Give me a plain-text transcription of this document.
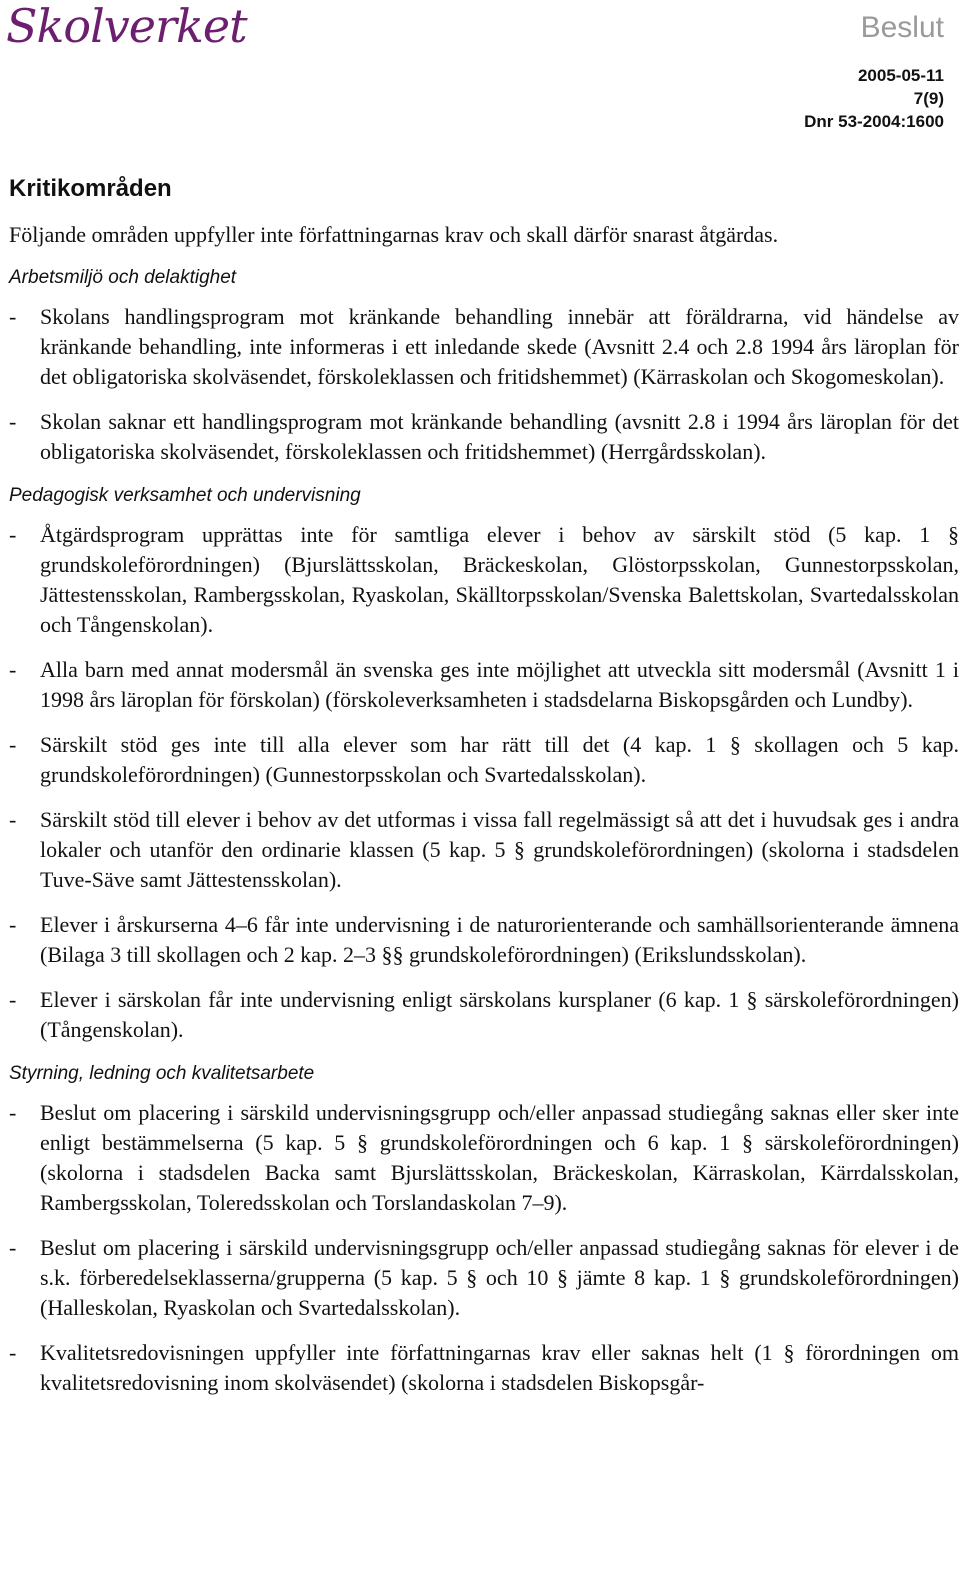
Skolverket	Beslut
2005-05-11
7(9)
Dnr 53-2004:1600
Kritikområden

Följande områden uppfyller inte författningarnas krav och skall därför snarast åtgärdas.

Arbetsmiljö och delaktighet
- Skolans handlingsprogram mot kränkande behandling innebär att föräldrarna, vid händelse av kränkande behandling, inte informeras i ett inledande skede (Avsnitt 2.4 och 2.8 1994 års läroplan för det obligatoriska skolväsendet, förskoleklassen och fritidshemmet) (Kärraskolan och Skogomeskolan).
- Skolan saknar ett handlingsprogram mot kränkande behandling (avsnitt 2.8 i 1994 års läroplan för det obligatoriska skolväsendet, förskoleklassen och fritidshemmet) (Herrgårdsskolan).
Pedagogisk verksamhet och undervisning
- Åtgärdsprogram upprättas inte för samtliga elever i behov av särskilt stöd (5 kap. 1 § grundskoleförordningen) (Bjurslättsskolan, Bräckeskolan, Glöstorpsskolan, Gunnestorpsskolan, Jättestensskolan, Rambergsskolan, Ryaskolan, Skälltorpsskolan/Svenska Balettskolan, Svartedalsskolan och Tångenskolan).
- Alla barn med annat modersmål än svenska ges inte möjlighet att utveckla sitt modersmål (Avsnitt 1 i 1998 års läroplan för förskolan) (förskoleverksamheten i stadsdelarna Biskopsgården och Lundby).
- Särskilt stöd ges inte till alla elever som har rätt till det (4 kap. 1 § skollagen och 5 kap. grundskoleförordningen) (Gunnestorpsskolan och Svartedalsskolan).
- Särskilt stöd till elever i behov av det utformas i vissa fall regelmässigt så att det i huvudsak ges i andra lokaler och utanför den ordinarie klassen (5 kap. 5 § grundskoleförordningen) (skolorna i stadsdelen Tuve-Säve samt Jättestensskolan).
- Elever i årskurserna 4–6 får inte undervisning i de naturorienterande och samhällsorienterande ämnena (Bilaga 3 till skollagen och 2 kap. 2–3 §§ grundskoleförordningen) (Erikslundsskolan).
- Elever i särskolan får inte undervisning enligt särskolans kursplaner (6 kap. 1 § särskoleförordningen) (Tångenskolan).
Styrning, ledning och kvalitetsarbete
- Beslut om placering i särskild undervisningsgrupp och/eller anpassad studiegång saknas eller sker inte enligt bestämmelserna (5 kap. 5 § grundskoleförordningen och 6 kap. 1 § särskoleförordningen) (skolorna i stadsdelen Backa samt Bjurslättsskolan, Bräckeskolan, Kärraskolan, Kärrdalsskolan, Rambergsskolan, Toleredsskolan och Torslandaskolan 7–9).
- Beslut om placering i särskild undervisningsgrupp och/eller anpassad studiegång saknas för elever i de s.k. förberedelseklasserna/grupperna (5 kap. 5 § och 10 § jämte 8 kap. 1 § grundskoleförordningen) (Halleskolan, Ryaskolan och Svartedalsskolan).
- Kvalitetsredovisningen uppfyller inte författningarnas krav eller saknas helt (1 § förordningen om kvalitetsredovisning inom skolväsendet) (skolorna i stadsdelen Biskopsgår-
